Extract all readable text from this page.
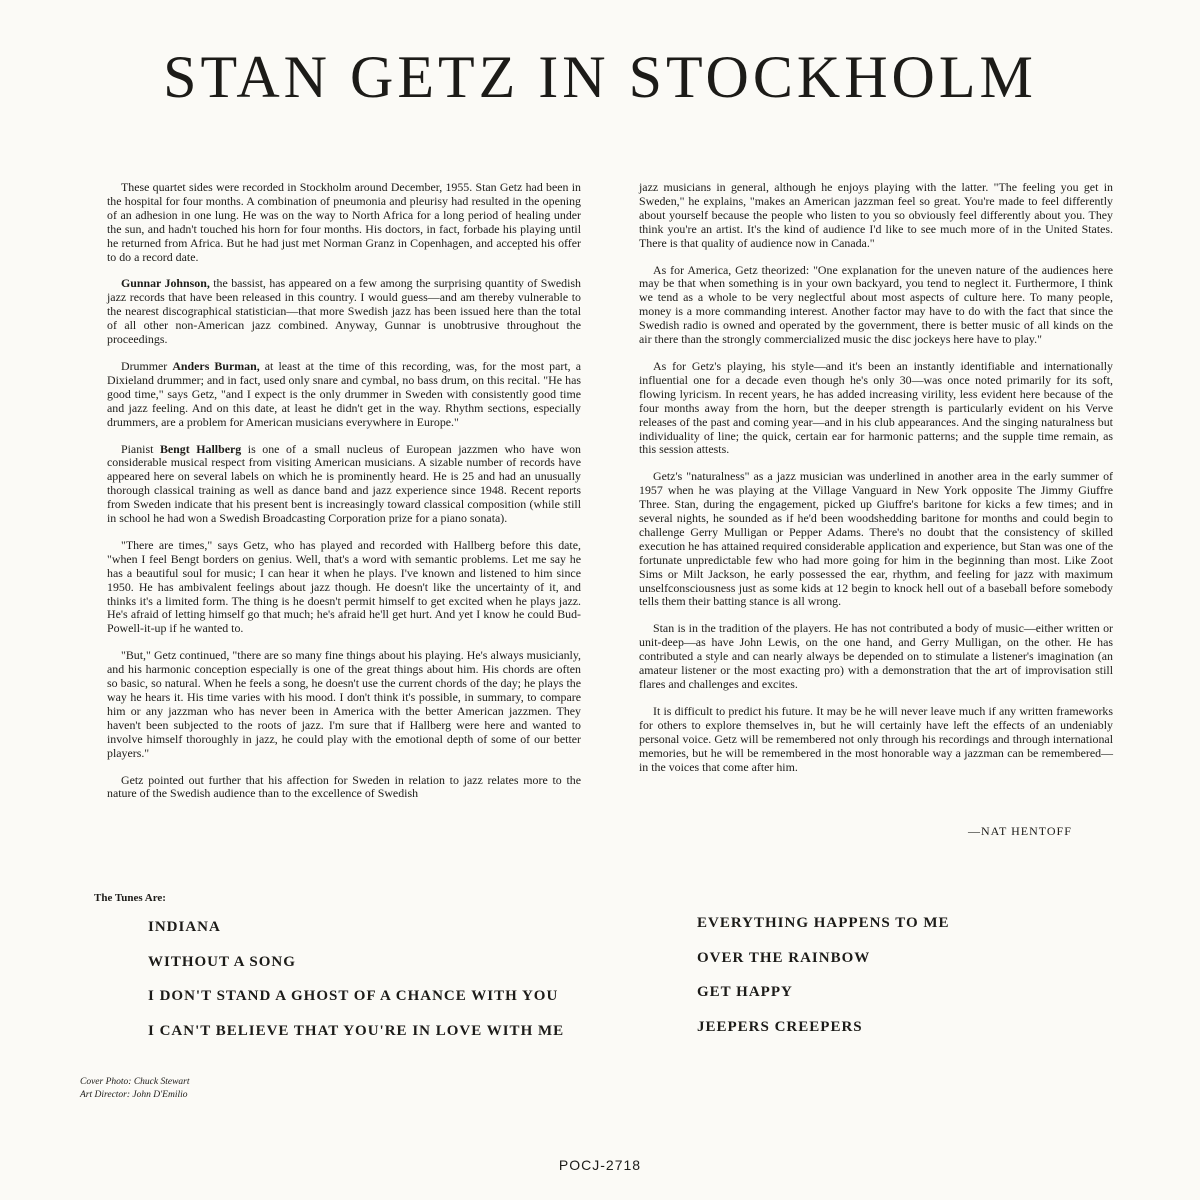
STAN GETZ IN STOCKHOLM

These quartet sides were recorded in Stockholm around December, 1955. Stan Getz had been in the hospital for four months. A combination of pneumonia and pleurisy had resulted in the opening of an adhesion in one lung. He was on the way to North Africa for a long period of healing under the sun, and hadn't touched his horn for four months. His doctors, in fact, forbade his playing until he returned from Africa. But he had just met Norman Granz in Copenhagen, and accepted his offer to do a record date.

Gunnar Johnson, the bassist, has appeared on a few among the surprising quantity of Swedish jazz records that have been released in this country. I would guess—and am thereby vulnerable to the nearest discographical statistician—that more Swedish jazz has been issued here than the total of all other non-American jazz combined. Anyway, Gunnar is unobtrusive throughout the proceedings.

Drummer Anders Burman, at least at the time of this recording, was, for the most part, a Dixieland drummer; and in fact, used only snare and cymbal, no bass drum, on this recital. "He has good time," says Getz, "and I expect is the only drummer in Sweden with consistently good time and jazz feeling. And on this date, at least he didn't get in the way. Rhythm sections, especially drummers, are a problem for American musicians everywhere in Europe."

Pianist Bengt Hallberg is one of a small nucleus of European jazzmen who have won considerable musical respect from visiting American musicians. A sizable number of records have appeared here on several labels on which he is prominently heard. He is 25 and had an unusually thorough classical training as well as dance band and jazz experience since 1948. Recent reports from Sweden indicate that his present bent is increasingly toward classical composition (while still in school he had won a Swedish Broadcasting Corporation prize for a piano sonata).

"There are times," says Getz, who has played and recorded with Hallberg before this date, "when I feel Bengt borders on genius. Well, that's a word with semantic problems. Let me say he has a beautiful soul for music; I can hear it when he plays. I've known and listened to him since 1950. He has ambivalent feelings about jazz though. He doesn't like the uncertainty of it, and thinks it's a limited form. The thing is he doesn't permit himself to get excited when he plays jazz. He's afraid of letting himself go that much; he's afraid he'll get hurt. And yet I know he could Bud-Powell-it-up if he wanted to.

"But," Getz continued, "there are so many fine things about his playing. He's always musicianly, and his harmonic conception especially is one of the great things about him. His chords are often so basic, so natural. When he feels a song, he doesn't use the current chords of the day; he plays the way he hears it. His time varies with his mood. I don't think it's possible, in summary, to compare him or any jazzman who has never been in America with the better American jazzmen. They haven't been subjected to the roots of jazz. I'm sure that if Hallberg were here and wanted to involve himself thoroughly in jazz, he could play with the emotional depth of some of our better players."

Getz pointed out further that his affection for Sweden in relation to jazz relates more to the nature of the Swedish audience than to the excellence of Swedish

jazz musicians in general, although he enjoys playing with the latter. "The feeling you get in Sweden," he explains, "makes an American jazzman feel so great. You're made to feel differently about yourself because the people who listen to you so obviously feel differently about you. They think you're an artist. It's the kind of audience I'd like to see much more of in the United States. There is that quality of audience now in Canada."

As for America, Getz theorized: "One explanation for the uneven nature of the audiences here may be that when something is in your own backyard, you tend to neglect it. Furthermore, I think we tend as a whole to be very neglectful about most aspects of culture here. To many people, money is a more commanding interest. Another factor may have to do with the fact that since the Swedish radio is owned and operated by the government, there is better music of all kinds on the air there than the strongly commercialized music the disc jockeys here have to play."

As for Getz's playing, his style—and it's been an instantly identifiable and internationally influential one for a decade even though he's only 30—was once noted primarily for its soft, flowing lyricism. In recent years, he has added increasing virility, less evident here because of the four months away from the horn, but the deeper strength is particularly evident on his Verve releases of the past and coming year—and in his club appearances. And the singing naturalness but individuality of line; the quick, certain ear for harmonic patterns; and the supple time remain, as this session attests.

Getz's "naturalness" as a jazz musician was underlined in another area in the early summer of 1957 when he was playing at the Village Vanguard in New York opposite The Jimmy Giuffre Three. Stan, during the engagement, picked up Giuffre's baritone for kicks a few times; and in several nights, he sounded as if he'd been woodshedding baritone for months and could begin to challenge Gerry Mulligan or Pepper Adams. There's no doubt that the consistency of skilled execution he has attained required considerable application and experience, but Stan was one of the fortunate unpredictable few who had more going for him in the beginning than most. Like Zoot Sims or Milt Jackson, he early possessed the ear, rhythm, and feeling for jazz with maximum unselfconsciousness just as some kids at 12 begin to knock hell out of a baseball before somebody tells them their batting stance is all wrong.

Stan is in the tradition of the players. He has not contributed a body of music—either written or unit-deep—as have John Lewis, on the one hand, and Gerry Mulligan, on the other. He has contributed a style and can nearly always be depended on to stimulate a listener's imagination (an amateur listener or the most exacting pro) with a demonstration that the art of improvisation still flares and challenges and excites.

It is difficult to predict his future. It may be he will never leave much if any written frameworks for others to explore themselves in, but he will certainly have left the effects of an undeniably personal voice. Getz will be remembered not only through his recordings and through international memories, but he will be remembered in the most honorable way a jazzman can be remembered—in the voices that come after him.

—NAT HENTOFF
The Tunes Are:
INDIANA
WITHOUT A SONG
I DON'T STAND A GHOST OF A CHANCE WITH YOU
I CAN'T BELIEVE THAT YOU'RE IN LOVE WITH ME
EVERYTHING HAPPENS TO ME
OVER THE RAINBOW
GET HAPPY
JEEPERS CREEPERS
Cover Photo: Chuck Stewart
Art Director: John D'Emilio
POCJ-2718
